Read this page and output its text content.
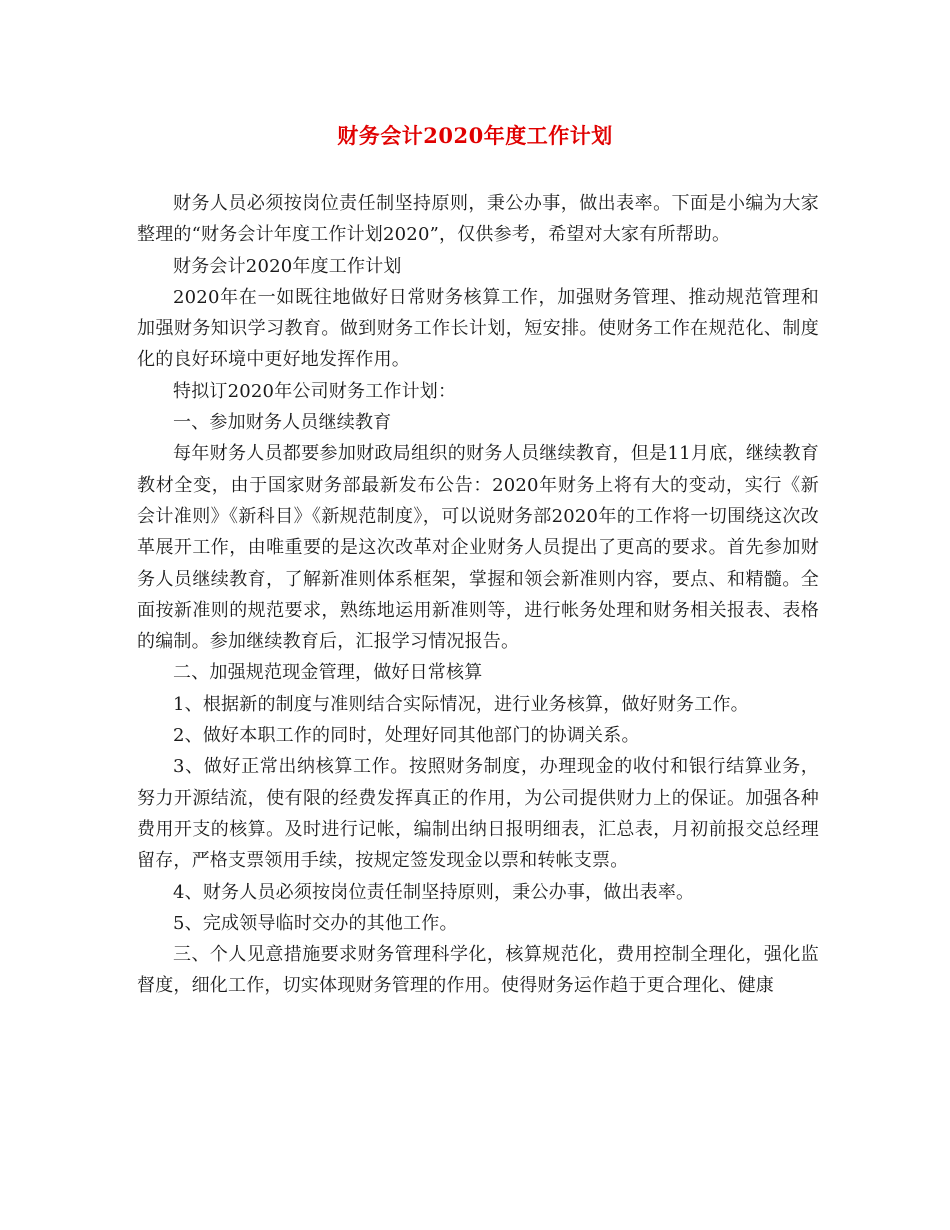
财务会计2020年度工作计划

财务人员必须按岗位责任制坚持原则，秉公办事，做出表率。下面是小编为大家整理的“财务会计年度工作计划2020”，仅供参考，希望对大家有所帮助。

财务会计2020年度工作计划

2020年在一如既往地做好日常财务核算工作，加强财务管理、推动规范管理和加强财务知识学习教育。做到财务工作长计划，短安排。使财务工作在规范化、制度化的良好环境中更好地发挥作用。

特拟订2020年公司财务工作计划：

一、参加财务人员继续教育

每年财务人员都要参加财政局组织的财务人员继续教育，但是11月底，继续教育教材全变，由于国家财务部最新发布公告：2020年财务上将有大的变动，实行《新会计准则》《新科目》《新规范制度》，可以说财务部2020年的工作将一切围绕这次改革展开工作，由唯重要的是这次改革对企业财务人员提出了更高的要求。首先参加财务人员继续教育，了解新准则体系框架，掌握和领会新准则内容，要点、和精髓。全面按新准则的规范要求，熟练地运用新准则等，进行帐务处理和财务相关报表、表格的编制。参加继续教育后，汇报学习情况报告。

二、加强规范现金管理，做好日常核算

1、根据新的制度与准则结合实际情况，进行业务核算，做好财务工作。

2、做好本职工作的同时，处理好同其他部门的协调关系。

3、做好正常出纳核算工作。按照财务制度，办理现金的收付和银行结算业务，努力开源结流，使有限的经费发挥真正的作用，为公司提供财力上的保证。加强各种费用开支的核算。及时进行记帐，编制出纳日报明细表，汇总表，月初前报交总经理留存，严格支票领用手续，按规定签发现金以票和转帐支票。

4、财务人员必须按岗位责任制坚持原则，秉公办事，做出表率。

5、完成领导临时交办的其他工作。

三、个人见意措施要求财务管理科学化，核算规范化，费用控制全理化，强化监督度，细化工作，切实体现财务管理的作用。使得财务运作趋于更合理化、健康
